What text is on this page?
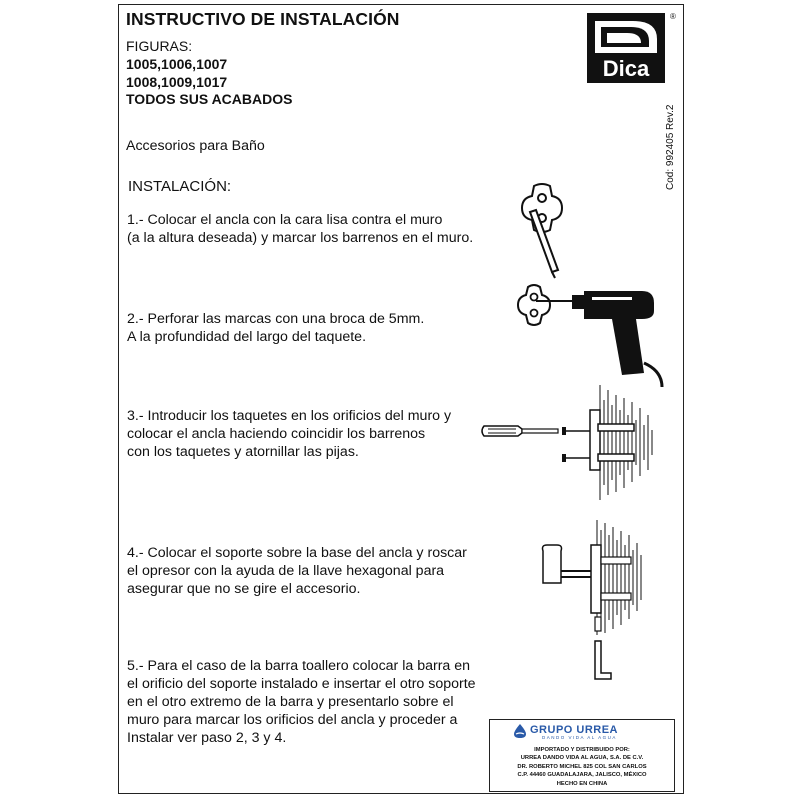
INSTRUCTIVO DE INSTALACIÓN
FIGURAS:
1005,1006,1007
1008,1009,1017
TODOS SUS ACABADOS
Dica
®
Cod: 992405 Rev.2
Accesorios para Baño
INSTALACIÓN:
1.- Colocar el ancla con la cara lisa contra el muro
(a la altura deseada) y marcar los barrenos en el muro.
2.- Perforar las marcas con una broca de 5mm.
A la profundidad del largo del taquete.
3.- Introducir los taquetes en los orificios del muro y
colocar el ancla haciendo coincidir los barrenos
con los taquetes y atornillar las pijas.
4.- Colocar el soporte sobre la base del ancla y roscar
el opresor con la ayuda de la llave hexagonal para
asegurar que no se gire el accesorio.
5.- Para el caso de la barra toallero colocar la barra en
el orificio del soporte instalado e insertar el otro soporte
en el otro extremo de la barra y presentarlo sobre el
muro para marcar los orificios del ancla y proceder a
Instalar ver paso 2, 3 y 4.	GRUPO URREA
DANDO VIDA AL AGUA
IMPORTADO Y DISTRIBUIDO POR:
URREA DANDO VIDA AL AGUA, S.A. DE C.V.
DR. ROBERTO MICHEL 825 COL SAN CARLOS
C.P. 44460 GUADALAJARA, JALISCO, MÉXICO
HECHO EN CHINA
